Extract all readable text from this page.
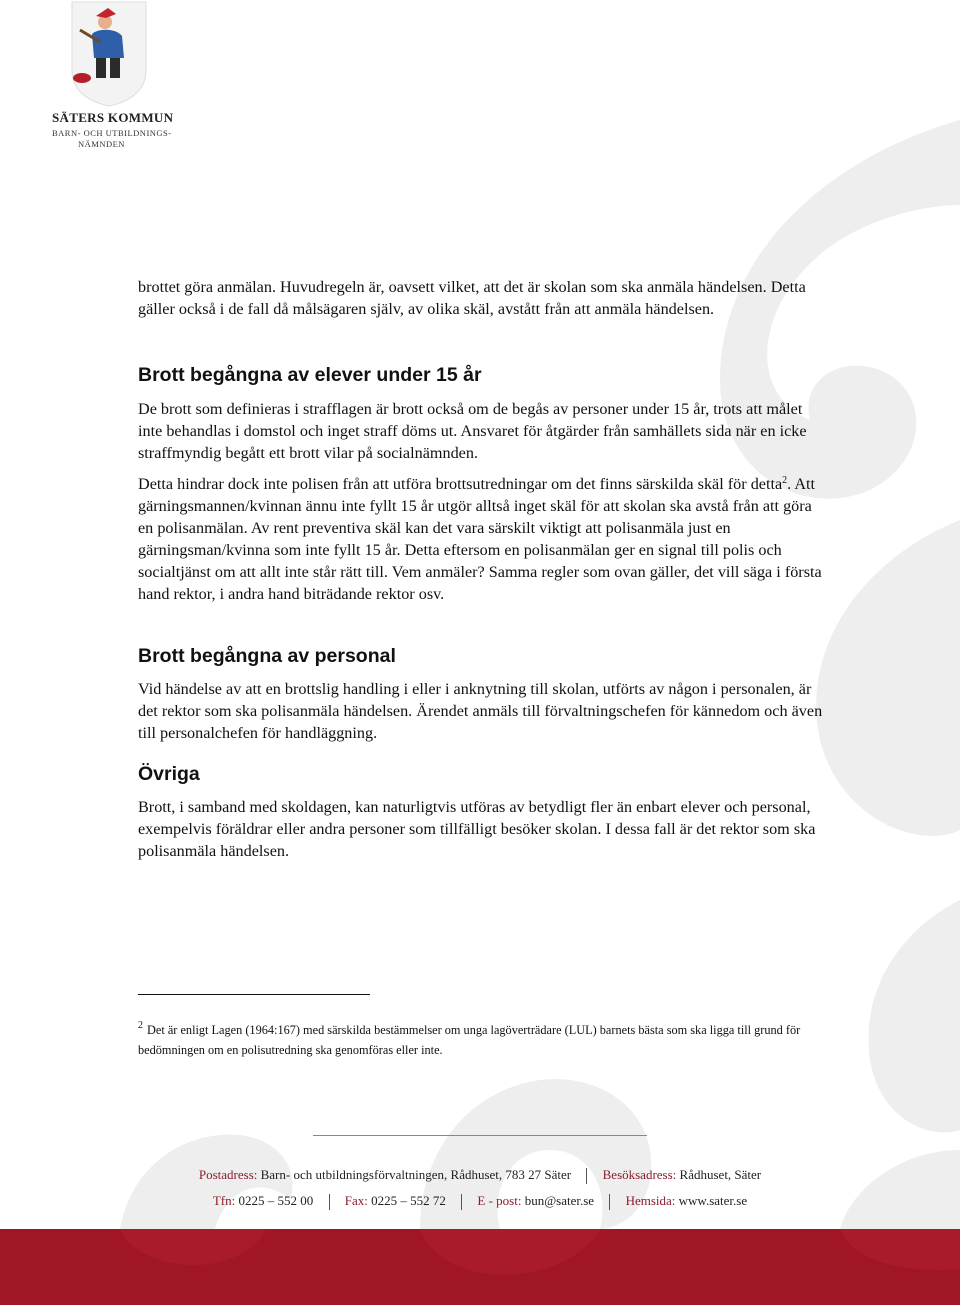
SÄTERS KOMMUN
BARN- OCH UTBILDNINGS-
NÄMNDEN

brottet göra anmälan. Huvudregeln är, oavsett vilket, att det är skolan som ska anmäla händelsen. Detta gäller också i de fall då målsägaren själv, av olika skäl, avstått från att anmäla händelsen.

Brott begångna av elever under 15 år

De brott som definieras i strafflagen är brott också om de begås av personer under 15 år, trots att målet inte behandlas i domstol och inget straff döms ut. Ansvaret för åtgärder från samhällets sida när en icke straffmyndig begått ett brott vilar på socialnämnden.

Detta hindrar dock inte polisen från att utföra brottsutredningar om det finns särskilda skäl för detta$^2$. Att gärningsmannen/kvinnan ännu inte fyllt 15 år utgör alltså inget skäl för att skolan ska avstå från att göra en polisanmälan. Av rent preventiva skäl kan det vara särskilt viktigt att polisanmäla just en gärningsman/kvinna som inte fyllt 15 år. Detta eftersom en polisanmälan ger en signal till polis och socialtjänst om att allt inte står rätt till. Vem anmäler? Samma regler som ovan gäller, det vill säga i första hand rektor, i andra hand biträdande rektor osv.

Brott begångna av personal

Vid händelse av att en brottslig handling i eller i anknytning till skolan, utförts av någon i personalen, är det rektor som ska polisanmäla händelsen. Ärendet anmäls till förvaltningschefen för kännedom och även till personalchefen för handläggning.

Övriga

Brott, i samband med skoldagen, kan naturligtvis utföras av betydligt fler än enbart elever och personal, exempelvis föräldrar eller andra personer som tillfälligt besöker skolan. I dessa fall är det rektor som ska polisanmäla händelsen.

$^2$ Det är enligt Lagen (1964:167) med särskilda bestämmelser om unga lagöverträdare (LUL) barnets bästa som ska ligga till grund för bedömningen om en polisutredning ska genomföras eller inte.
Postadress: Barn- och utbildningsförvaltningen, Rådhuset, 783 27 Säter Besöksadress: Rådhuset, Säter
Tfn: 0225 – 552 00 Fax: 0225 – 552 72 E - post: bun@sater.se Hemsida: www.sater.se
